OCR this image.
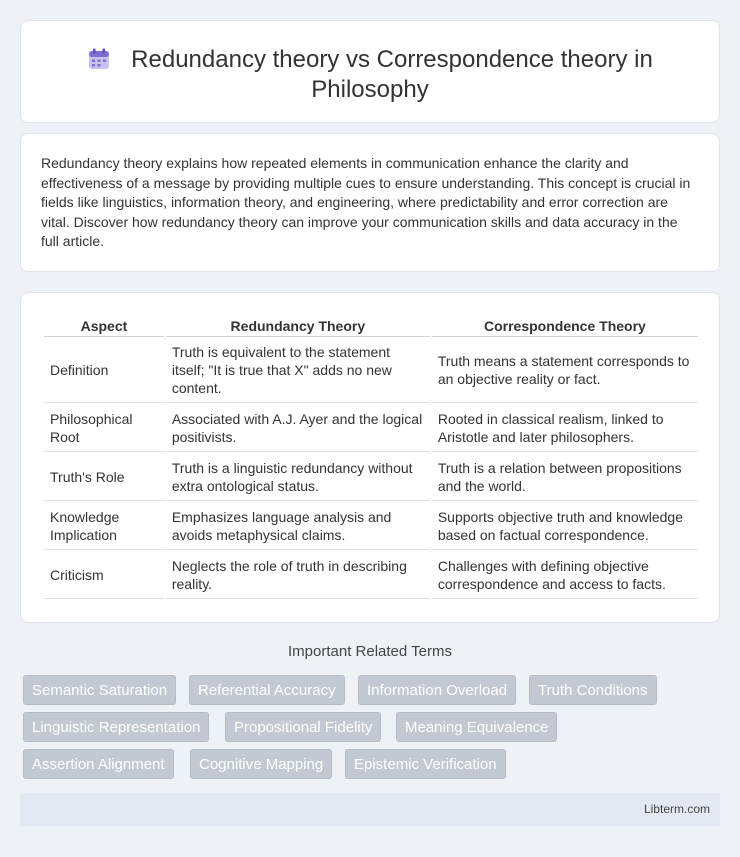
Redundancy theory vs Correspondence theory in
Philosophy

Redundancy theory explains how repeated elements in communication enhance the clarity and effectiveness of a message by providing multiple cues to ensure understanding. This concept is crucial in fields like linguistics, information theory, and engineering, where predictability and error correction are vital. Discover how redundancy theory can improve your communication skills and data accuracy in the full article.

Aspect	Redundancy Theory	Correspondence Theory
Definition	Truth is equivalent to the statement itself; "It is true that X" adds no new content.	Truth means a statement corresponds to an objective reality or fact.
Philosophical Root	Associated with A.J. Ayer and the logical positivists.	Rooted in classical realism, linked to Aristotle and later philosophers.
Truth's Role	Truth is a linguistic redundancy without extra ontological status.	Truth is a relation between propositions and the world.
Knowledge Implication	Emphasizes language analysis and avoids metaphysical claims.	Supports objective truth and knowledge based on factual correspondence.
Criticism	Neglects the role of truth in describing reality.	Challenges with defining objective correspondence and access to facts.
Important Related Terms
Semantic Saturation	Referential Accuracy	Information Overload	Truth Conditions
Linguistic Representation	Propositional Fidelity	Meaning Equivalence
Assertion Alignment	Cognitive Mapping	Epistemic Verification
Libterm.com
